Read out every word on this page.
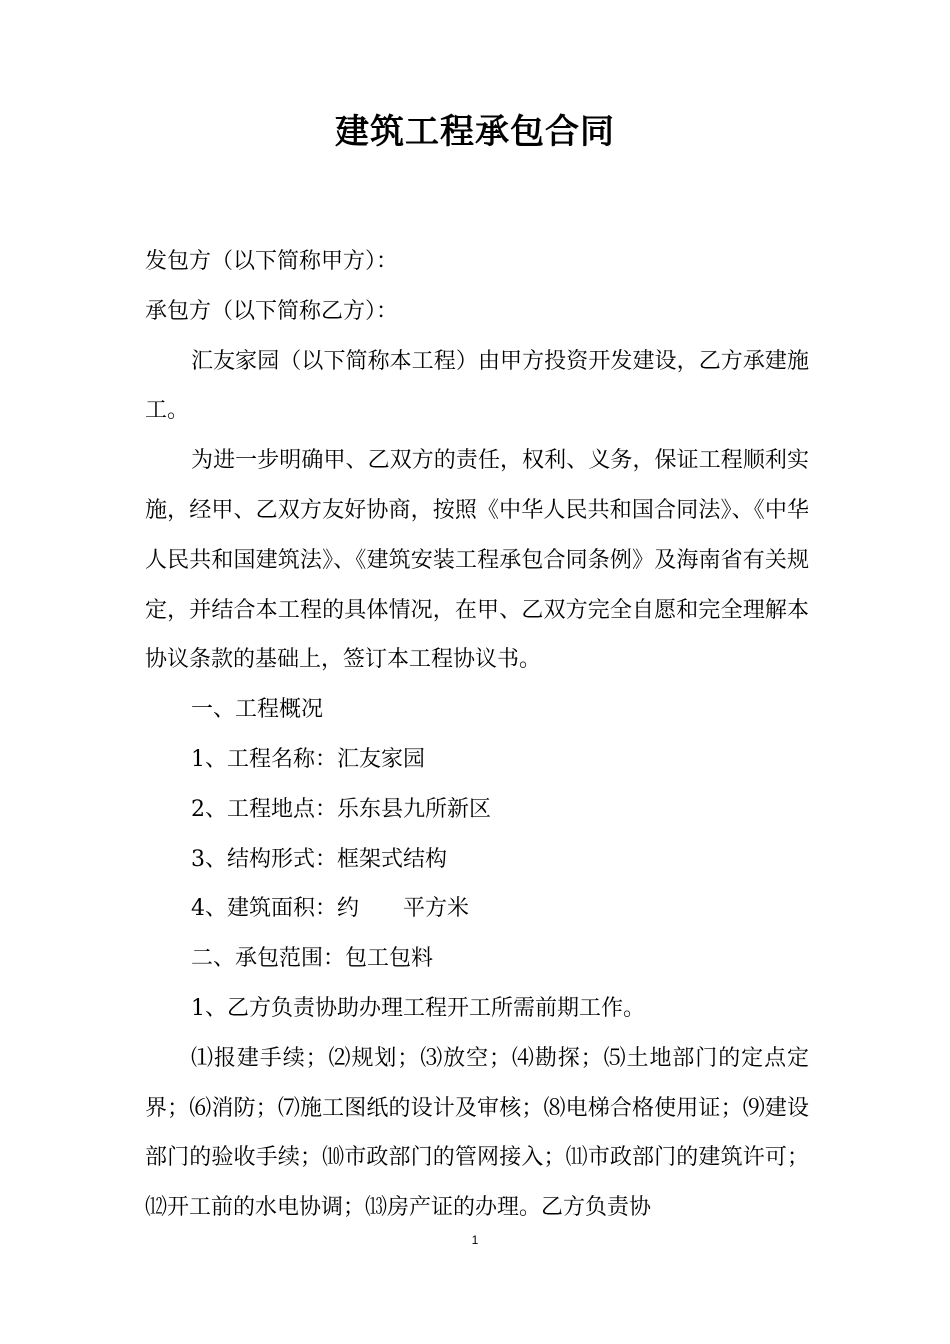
建筑工程承包合同

发包方（以下简称甲方）：

承包方（以下简称乙方）：

汇友家园（以下简称本工程）由甲方投资开发建设，乙方承建施工。

为进一步明确甲、乙双方的责任，权利、义务，保证工程顺利实施，经甲、乙双方友好协商，按照《中华人民共和国合同法》、《中华人民共和国建筑法》、《建筑安装工程承包合同条例》及海南省有关规定，并结合本工程的具体情况，在甲、乙双方完全自愿和完全理解本协议条款的基础上，签订本工程协议书。

一、工程概况

1、工程名称：汇友家园

2、工程地点：乐东县九所新区

3、结构形式：框架式结构

4、建筑面积：约　　平方米

二、承包范围：包工包料

1、乙方负责协助办理工程开工所需前期工作。

⑴报建手续；⑵规划；⑶放空；⑷勘探；⑸土地部门的定点定界；⑹消防；⑺施工图纸的设计及审核；⑻电梯合格使用证；⑼建设部门的验收手续；⑽市政部门的管网接入；⑾市政部门的建筑许可；⑿开工前的水电协调；⒀房产证的办理。乙方负责协

1
